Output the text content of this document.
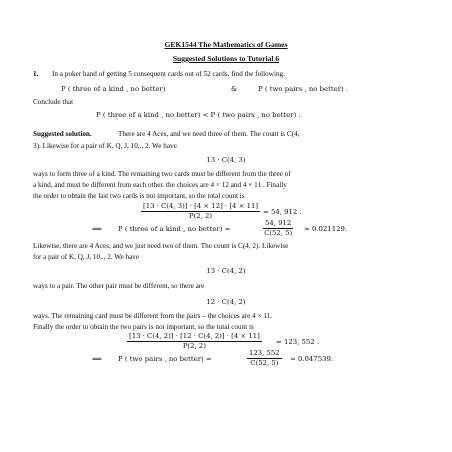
GEK1544 The Mathematics of Games
Suggested Solutions to Tutorial 6
1. In a poker hand of getting 5 consequent cards out of 52 cards, find the following.
P ( three of a kind , no better)	&	P ( two pairs , no better) .
Conclude that
P ( three of a kind , no better) < P ( two pairs , no better) .
Suggested solution.	There are 4 Aces, and we need three of them. The count is C(4,
3). Likewise for a pair of K, Q, J, 10,., 2. We have
13 · C(4, 3)
ways to form three of a kind. The remaining two cards must be different from the three of
a kind, and must be different from each other. the choices are 4 × 12 and 4 × 11 . Finally
the order to obtain the last two cards is not important, so the total count is
$\frac{[13 \cdot C(4, 3)] \cdot [4 \times 12] \cdot [4 \times 11]}{P(2, 2)} = 54$, 912 .
⟹ P ( three of a kind , no better) =	$\frac{54, 912}{C(52, 5)} \approx 0.021129$.
Likewise, there are 4 Aces, and we just need two of them. The count is C(4, 2). Likewise
for a pair of K, Q, J, 10,., 2. We have
13 · C(4, 2)
ways to a pair. The other pair must be different, so there are
12 · C(4, 2)
ways. The remaining card must be different from the pairs – the choices are 4 × 11.
Finally the order to obtain the two pairs is not important, so the total count is
$\frac{[13 \cdot C(4, 2)] \cdot [12 \cdot C(4, 2)] \cdot [4 \times 11]}{P(2, 2)} = 123$, 552 .
⟹ P ( two pairs , no better) =	$\frac{123, 552}{C(52, 5)} \approx 0.047539$.
